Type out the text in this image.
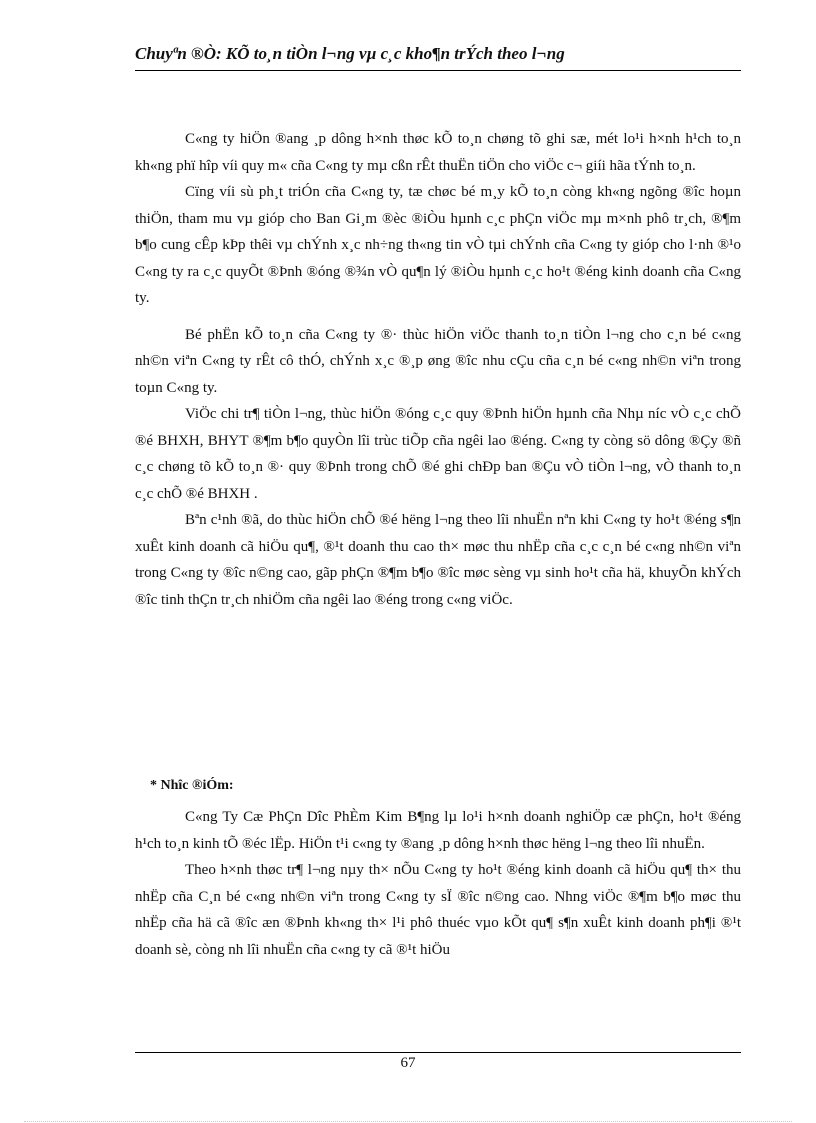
Chuyªn ®Ò: KÕ to¸n tiÒn l¬ng vµ c¸c kho¶n trÝch theo l¬ng

C«ng ty hiÖn ®ang ¸p dông h×nh thøc kÕ to¸n chøng tõ ghi sæ, mét lo¹i h×nh h¹ch to¸n kh«ng phï hîp víi quy m« cña C«ng ty mµ cßn rÊt thuËn tiÖn cho viÖc c¬ giíi hãa tÝnh to¸n.

Cïng víi sù ph¸t triÓn cña C«ng ty, tæ chøc bé m¸y kÕ to¸n còng kh«ng ngõng ®îc hoµn thiÖn, tham mu vµ gióp cho Ban Gi¸m ®èc ®iÒu hµnh c¸c phÇn viÖc mµ m×nh phô tr¸ch, ®¶m b¶o cung cÊp kÞp thêi vµ chÝnh x¸c nh÷ng th«ng tin vÒ tµi chÝnh cña C«ng ty gióp cho l·nh ®¹o C«ng ty ra c¸c quyÕt ®Þnh ®óng ®¾n vÒ qu¶n lý ®iÒu hµnh c¸c ho¹t ®éng kinh doanh cña C«ng ty.

Bé phËn kÕ to¸n cña C«ng ty ®· thùc hiÖn viÖc thanh to¸n tiÒn l¬ng cho c¸n bé c«ng nh©n viªn C«ng ty rÊt cô thÓ, chÝnh x¸c ®¸p øng ®îc nhu cÇu cña c¸n bé c«ng nh©n viªn trong toµn C«ng ty.

ViÖc chi tr¶ tiÒn l¬ng, thùc hiÖn ®óng c¸c quy ®Þnh hiÖn hµnh cña Nhµ níc vÒ c¸c chÕ ®é BHXH, BHYT ®¶m b¶o quyÒn lîi trùc tiÕp cña ngêi lao ®éng. C«ng ty còng sö dông ®Çy ®ñ c¸c chøng tõ kÕ to¸n ®· quy ®Þnh trong chÕ ®é ghi chÐp ban ®Çu vÒ tiÒn l¬ng, vÒ thanh to¸n c¸c chÕ ®é BHXH .

Bªn c¹nh ®ã, do thùc hiÖn chÕ ®é hëng l¬ng theo lîi nhuËn nªn khi C«ng ty ho¹t ®éng s¶n xuÊt kinh doanh cã hiÖu qu¶, ®¹t doanh thu cao th× møc thu nhËp cña c¸c c¸n bé c«ng nh©n viªn trong C«ng ty ®îc n©ng cao, gãp phÇn ®¶m b¶o ®îc møc sèng vµ sinh ho¹t cña hä, khuyÕn khÝch ®îc tinh thÇn tr¸ch nhiÖm cña ngêi lao ®éng trong c«ng viÖc.

* Nhîc ®iÓm:

C«ng Ty Cæ PhÇn Dîc PhÈm Kim B¶ng lµ lo¹i h×nh doanh nghiÖp cæ phÇn, ho¹t ®éng h¹ch to¸n kinh tÕ ®éc lËp. HiÖn t¹i c«ng ty ®ang ¸p dông h×nh thøc hëng l¬ng theo lîi nhuËn.

Theo h×nh thøc tr¶ l¬ng nµy th× nÕu C«ng ty ho¹t ®éng kinh doanh cã hiÖu qu¶ th× thu nhËp cña C¸n bé c«ng nh©n viªn trong C«ng ty sÏ ®îc n©ng cao. Nhng viÖc ®¶m b¶o møc thu nhËp cña hä cã ®îc æn ®Þnh kh«ng th× l¹i phô thuéc vµo kÕt qu¶ s¶n xuÊt kinh doanh ph¶i ®¹t doanh sè, còng nh lîi nhuËn cña c«ng ty cã ®¹t hiÖu

67
